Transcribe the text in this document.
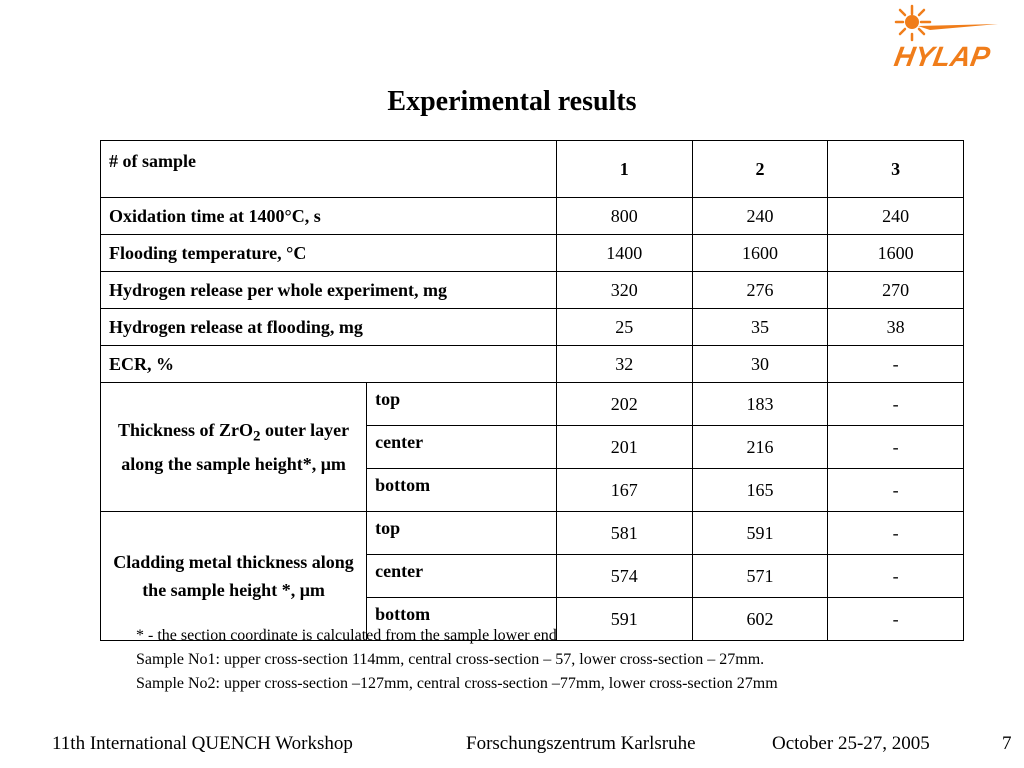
HYLAP
Experimental results
# of sample		1	2	3
Oxidation time at 1400°C, s		800	240	240
Flooding temperature, °C		1400	1600	1600
Hydrogen release per whole experiment, mg		320	276	270
Hydrogen release at flooding, mg		25	35	38
ECR, %		32	30	-
Thickness of ZrO$_2$ outer layer along the sample height*, μm	top	202	183	-
	center	201	216	-
	bottom	167	165	-
Cladding metal thickness along the sample height *, μm	top	581	591	-
	center	574	571	-
	bottom	591	602	-
* - the section coordinate is calculated from the sample lower end
Sample No1: upper cross-section 114mm, central cross-section – 57, lower cross-section – 27mm.
Sample No2: upper cross-section –127mm, central cross-section –77mm, lower cross-section 27mm
11th International QUENCH Workshop	Forschungszentrum Karlsruhe	October 25-27, 2005	7
